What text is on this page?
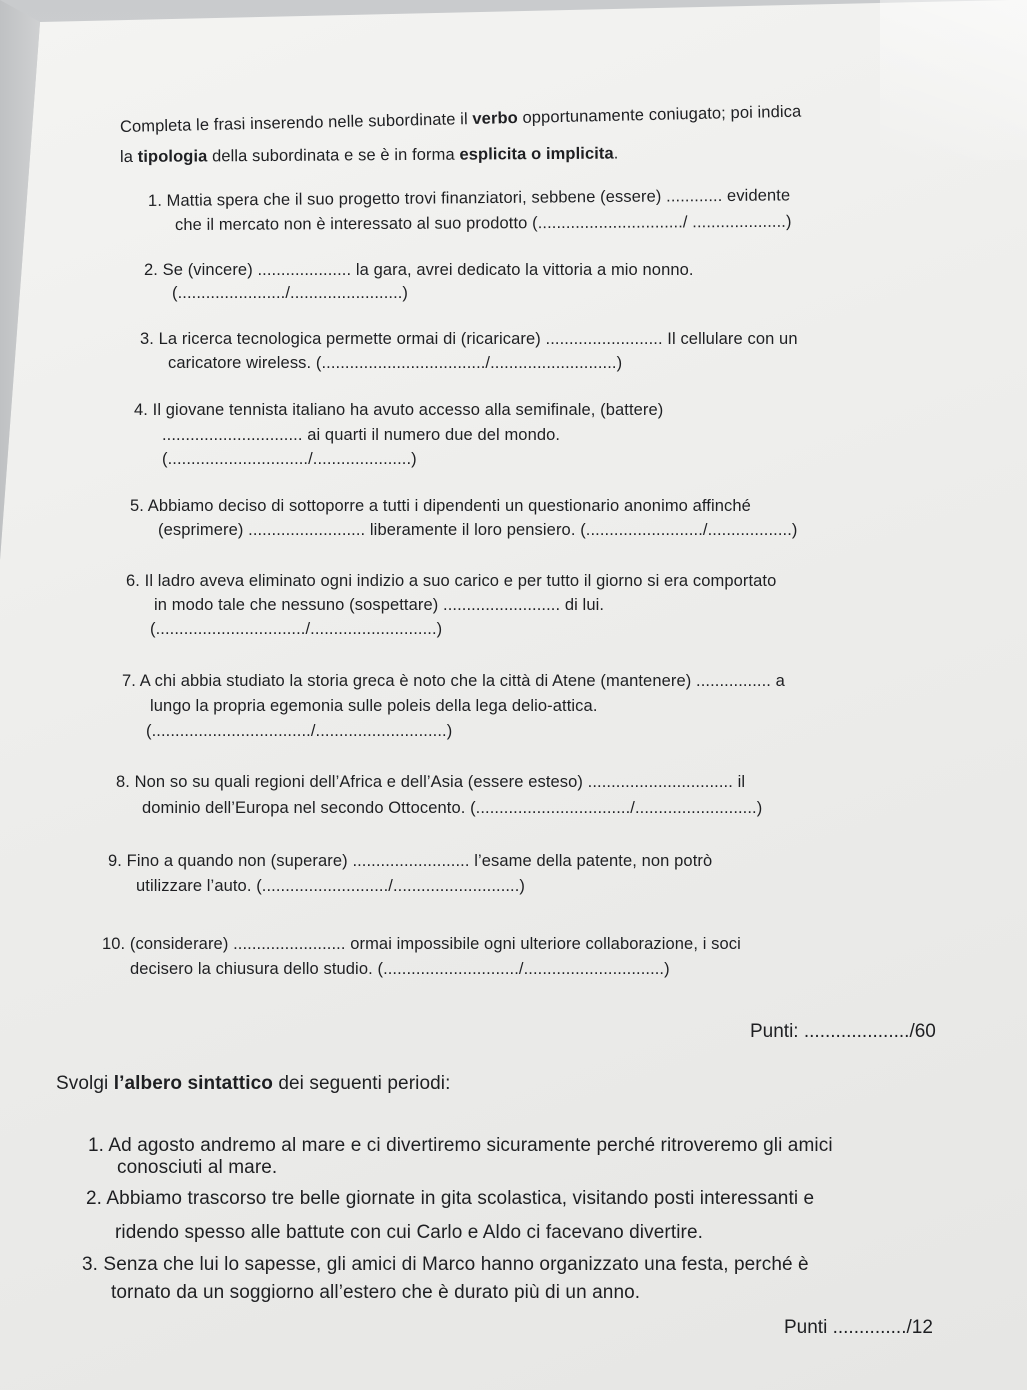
Completa le frasi inserendo nelle subordinate il verbo opportunamente coniugato; poi indica
la tipologia della subordinata e se è in forma esplicita o implicita.
1. Mattia spera che il suo progetto trovi finanziatori, sebbene (essere) ............ evidente
che il mercato non è interessato al suo prodotto (.............................../ ....................)
2. Se (vincere) .................... la gara, avrei dedicato la vittoria a mio nonno.
(......................./........................)
3. La ricerca tecnologica permette ormai di (ricaricare) ......................... Il cellulare con un
caricatore wireless. (.................................../...........................)
4. Il giovane tennista italiano ha avuto accesso alla semifinale, (battere)
.............................. ai quarti il numero due del mondo.
(............................../.....................)
5. Abbiamo deciso di sottoporre a tutti i dipendenti un questionario anonimo affinché
(esprimere) ......................... liberamente il loro pensiero. (........................./..................)
6. Il ladro aveva eliminato ogni indizio a suo carico e per tutto il giorno si era comportato
in modo tale che nessuno (sospettare) ......................... di lui.
(................................/...........................)
7. A chi abbia studiato la storia greca è noto che la città di Atene (mantenere) ................ a
lungo la propria egemonia sulle poleis della lega delio-attica.
(................................../............................)
8. Non so su quali regioni dell’Africa e dell’Asia (essere esteso) ............................... il
dominio dell’Europa nel secondo Ottocento. (................................./..........................)
9. Fino a quando non (superare) ......................... l’esame della patente, non potrò
utilizzare l’auto. (.........................../...........................)
10. (considerare) ........................ ormai impossibile ogni ulteriore collaborazione, i soci
decisero la chiusura dello studio. (............................./..............................)
Punti: ..................../60
Svolgi l’albero sintattico dei seguenti periodi:
1. Ad agosto andremo al mare e ci divertiremo sicuramente perché ritroveremo gli amici
conosciuti al mare.
2. Abbiamo trascorso tre belle giornate in gita scolastica, visitando posti interessanti e
ridendo spesso alle battute con cui Carlo e Aldo ci facevano divertire.
3. Senza che lui lo sapesse, gli amici di Marco hanno organizzato una festa, perché è
tornato da un soggiorno all’estero che è durato più di un anno.
Punti ............../12
